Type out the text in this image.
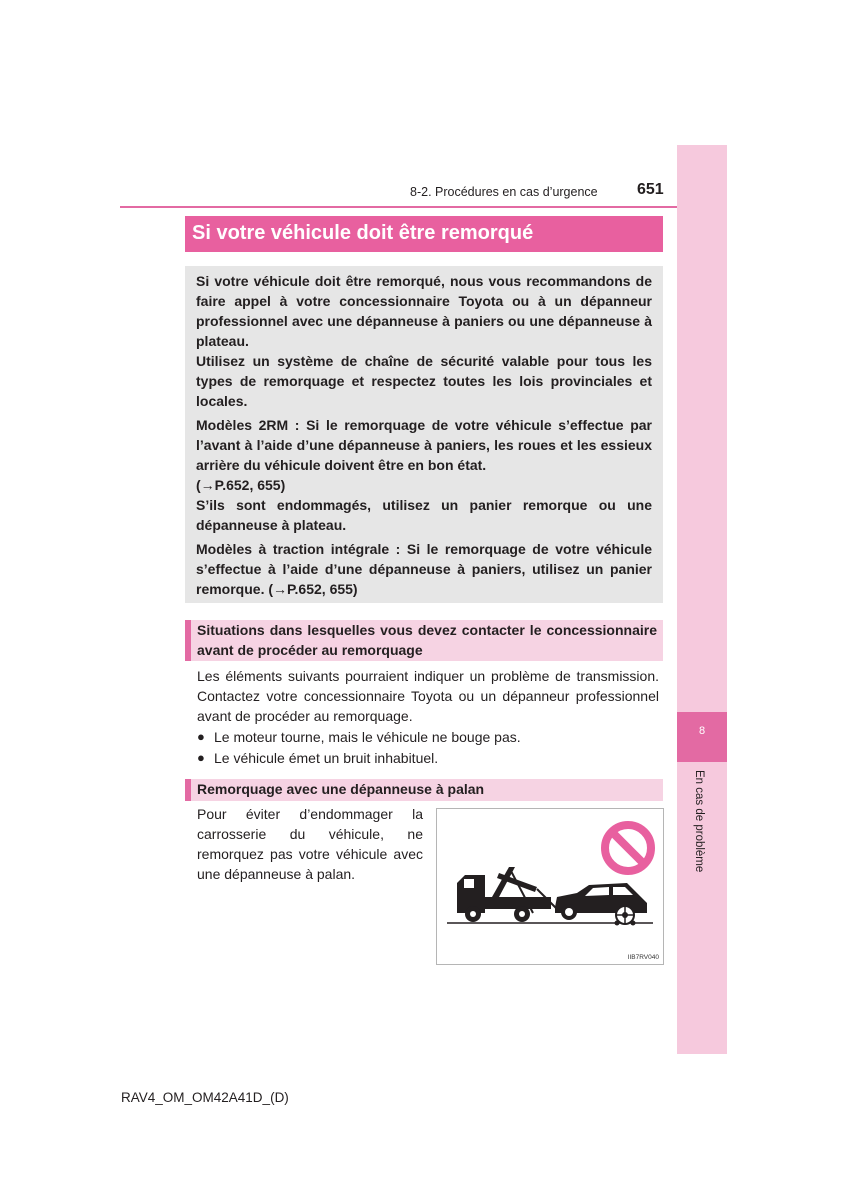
8
En cas de problème
8-2. Procédures en cas d’urgence 651
Si votre véhicule doit être remorqué

Si votre véhicule doit être remorqué, nous vous recommandons de faire appel à votre concessionnaire Toyota ou à un dépanneur professionnel avec une dépanneuse à paniers ou une dépanneuse à plateau.

Utilisez un système de chaîne de sécurité valable pour tous les types de remorquage et respectez toutes les lois provinciales et locales.

Modèles 2RM : Si le remorquage de votre véhicule s’effectue par l’avant à l’aide d’une dépanneuse à paniers, les roues et les essieux arrière du véhicule doivent être en bon état.

(→P.652, 655)

S’ils sont endommagés, utilisez un panier remorque ou une dépanneuse à plateau.

Modèles à traction intégrale : Si le remorquage de votre véhicule s’effectue à l’aide d’une dépanneuse à paniers, utilisez un panier remorque. (→P.652, 655)

Situations dans lesquelles vous devez contacter le concessionnaire avant de procéder au remorquage

Les éléments suivants pourraient indiquer un problème de transmission. Contactez votre concessionnaire Toyota ou un dépanneur professionnel avant de procéder au remorquage.

● Le moteur tourne, mais le véhicule ne bouge pas.
● Le véhicule émet un bruit inhabituel.
Remorquage avec une dépanneuse à palan
Pour éviter d’endommager la carrosserie du véhicule, ne remorquez pas votre véhicule avec une dépanneuse à palan.
IIB7RV040
RAV4_OM_OM42A41D_(D)
